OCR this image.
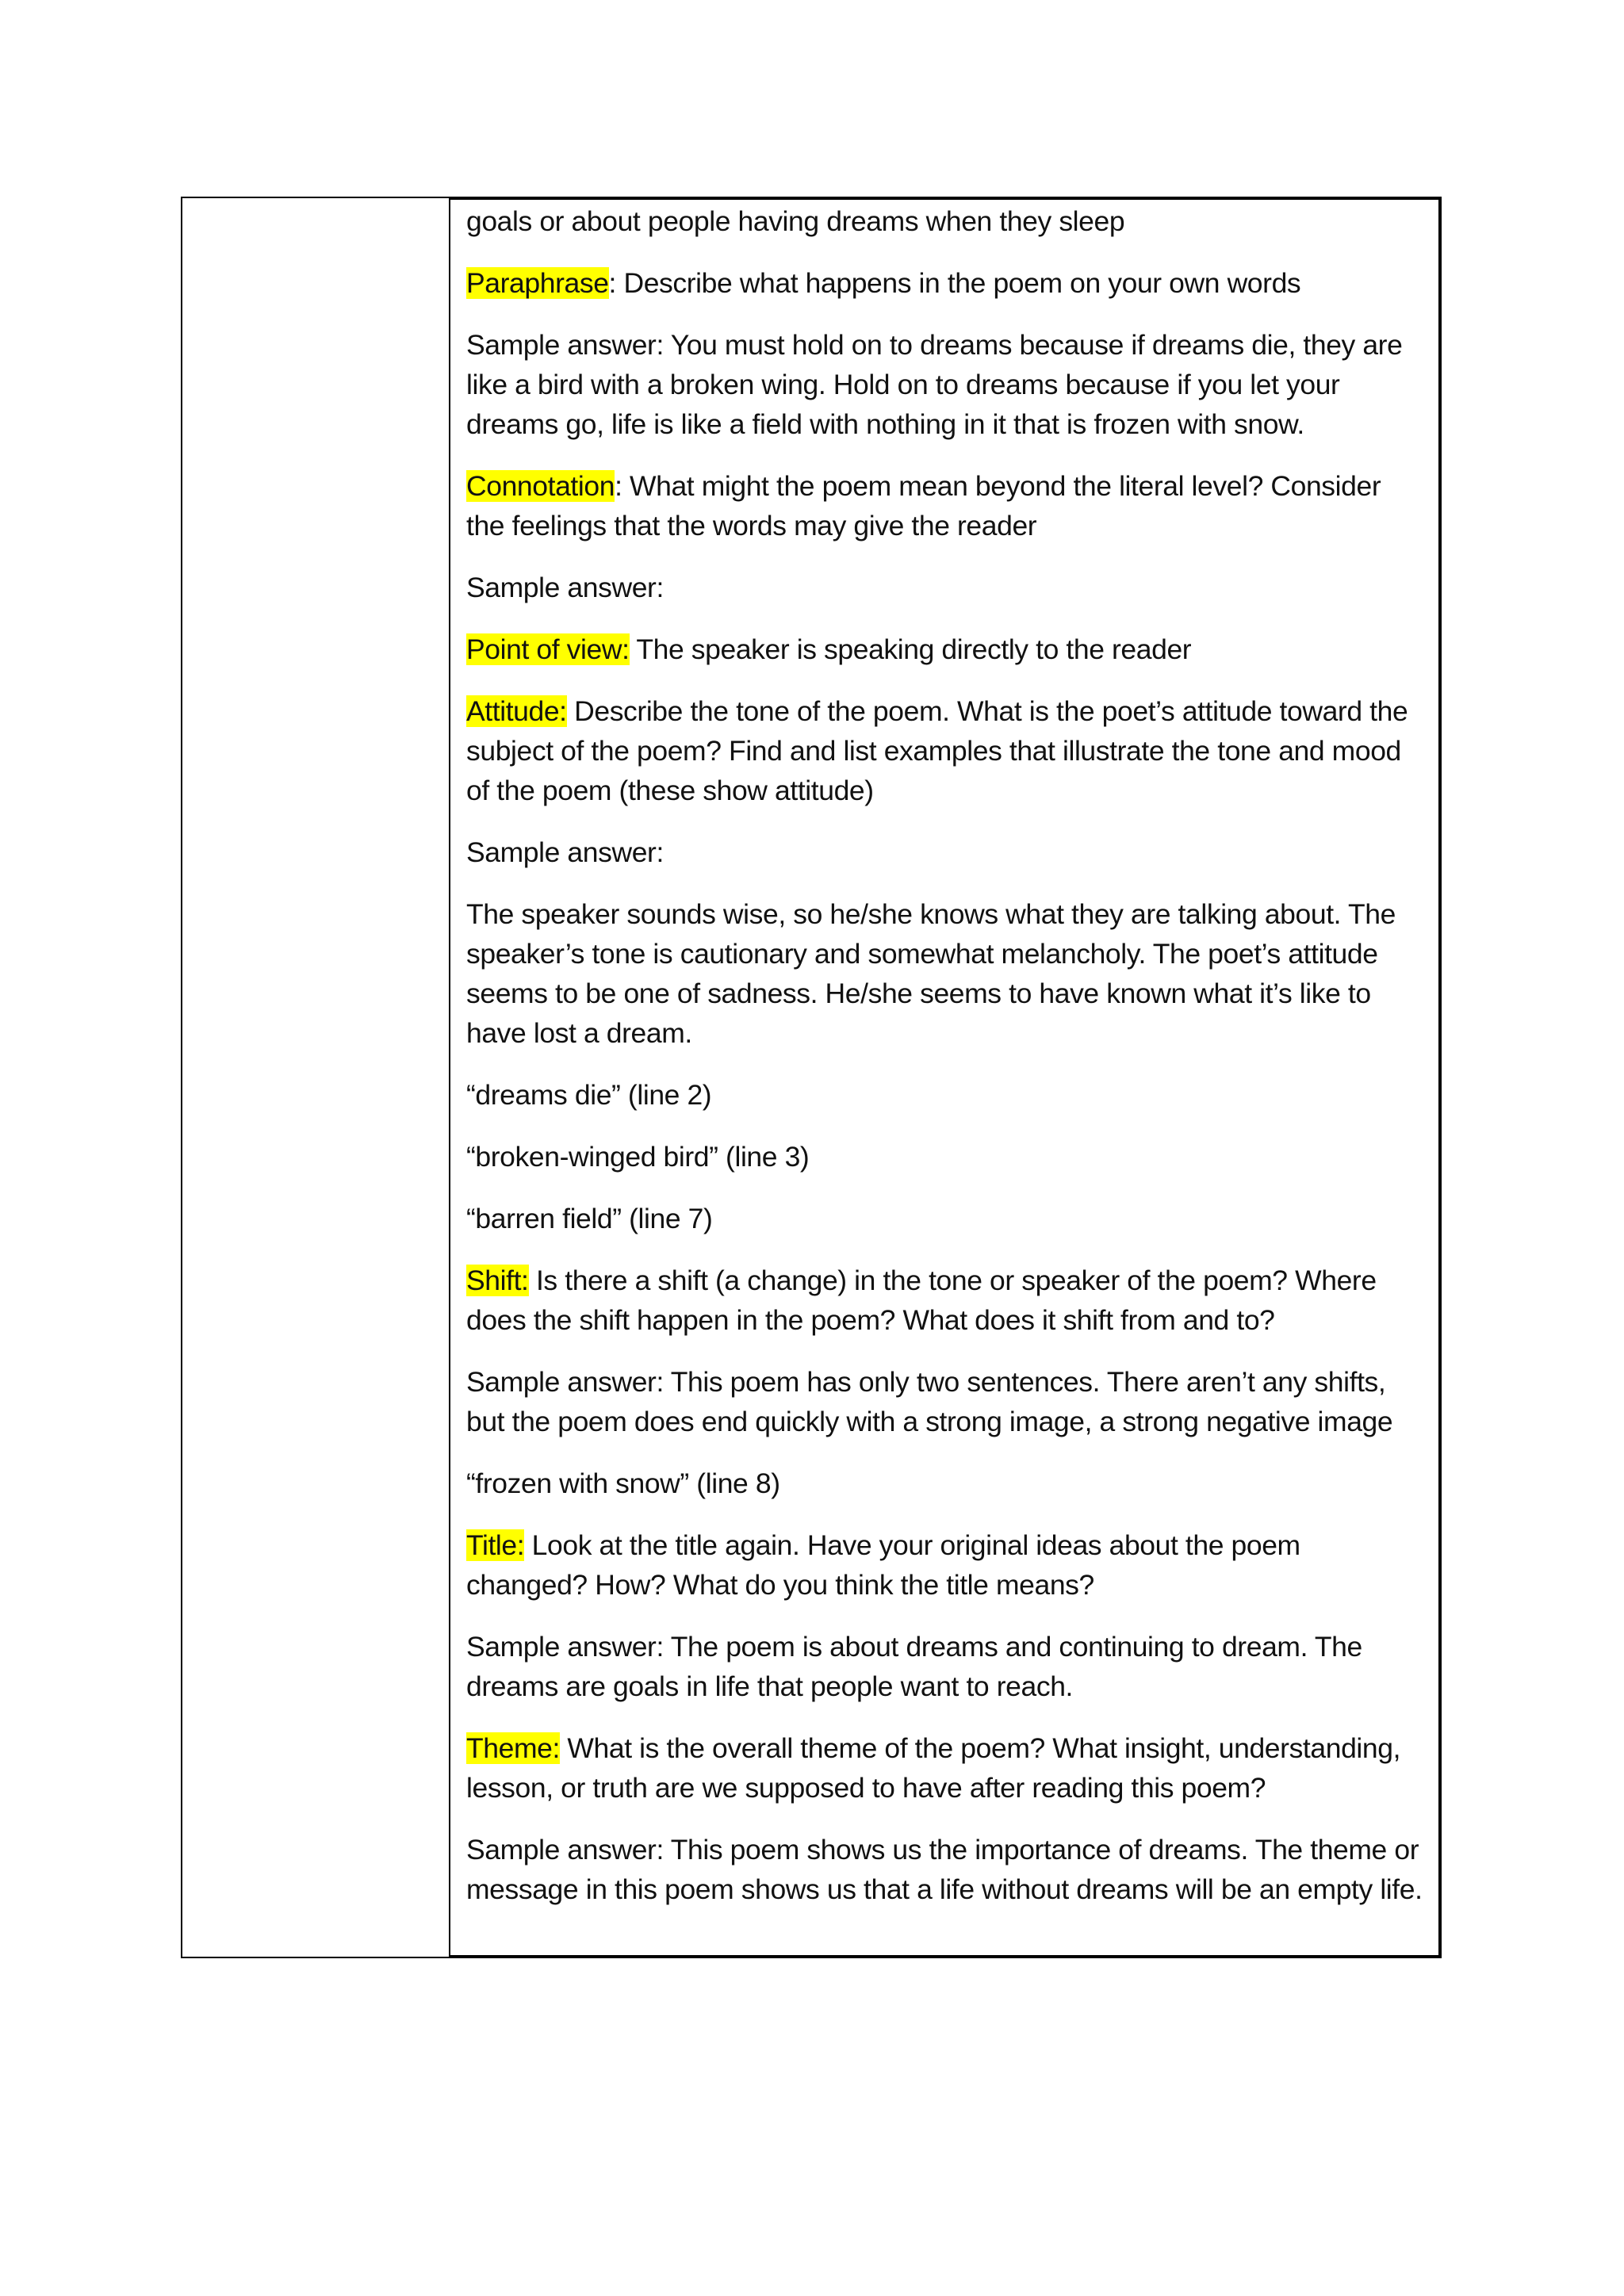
goals or about people having dreams when they sleep

Paraphrase: Describe what happens in the poem on your own words

Sample answer: You must hold on to dreams because if dreams die, they are like a bird with a broken wing. Hold on to dreams because if you let your dreams go, life is like a field with nothing in it that is frozen with snow.

Connotation: What might the poem mean beyond the literal level? Consider the feelings that the words may give the reader

Sample answer:

Point of view: The speaker is speaking directly to the reader

Attitude: Describe the tone of the poem. What is the poet’s attitude toward the subject of the poem? Find and list examples that illustrate the tone and mood of the poem (these show attitude)

Sample answer:

The speaker sounds wise, so he/she knows what they are talking about. The speaker’s tone is cautionary and somewhat melancholy. The poet’s attitude seems to be one of sadness. He/she seems to have known what it’s like to have lost a dream.

“dreams die” (line 2)

“broken-winged bird” (line 3)

“barren field” (line 7)

Shift: Is there a shift (a change) in the tone or speaker of the poem? Where does the shift happen in the poem? What does it shift from and to?

Sample answer: This poem has only two sentences. There aren’t any shifts, but the poem does end quickly with a strong image, a strong negative image

“frozen with snow” (line 8)

Title: Look at the title again. Have your original ideas about the poem changed? How? What do you think the title means?

Sample answer: The poem is about dreams and continuing to dream. The dreams are goals in life that people want to reach.

Theme: What is the overall theme of the poem? What insight, understanding, lesson, or truth are we supposed to have after reading this poem?

Sample answer: This poem shows us the importance of dreams. The theme or message in this poem shows us that a life without dreams will be an empty life.
